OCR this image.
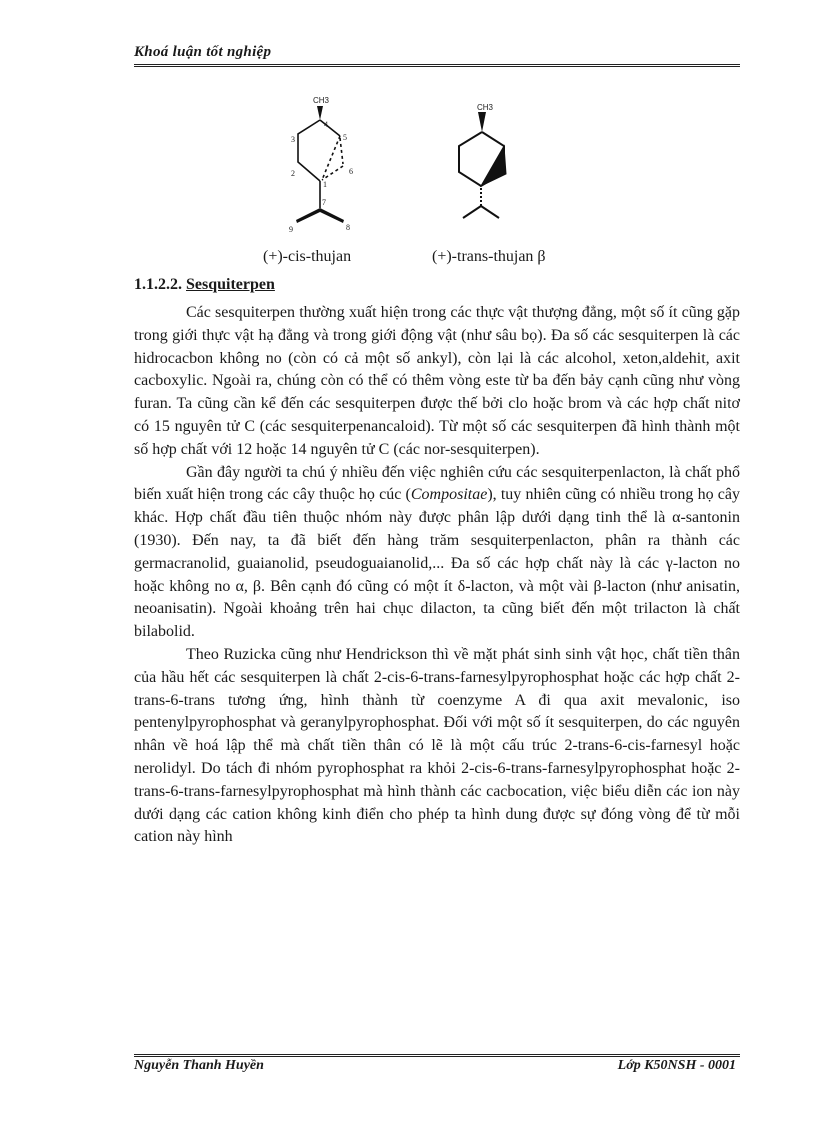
Khoá luận tốt nghiệp
CH3
4
5
3
2	6
1
7
8
9
CH3
(+)-cis-thujan	(+)-trans-thujan β
1.1.2.2. Sesquiterpen

Các sesquiterpen thường xuất hiện trong các thực vật thượng đẳng, một số ít cũng gặp trong giới thực vật hạ đẳng và trong giới động vật (như sâu bọ). Đa số các sesquiterpen là các hidrocacbon không no (còn có cả một số ankyl), còn lại là các alcohol, xeton,aldehit, axit cacboxylic. Ngoài ra, chúng còn có thể có thêm vòng este từ ba đến bảy cạnh cũng như vòng furan. Ta cũng cần kể đến các sesquiterpen được thế bởi clo hoặc brom và các hợp chất nitơ có 15 nguyên tử C (các sesquiterpenancaloid). Từ một số các sesquiterpen đã hình thành một số hợp chất với 12 hoặc 14 nguyên tử C (các nor-sesquiterpen).

Gần đây người ta chú ý nhiều đến việc nghiên cứu các sesquiterpenlacton, là chất phổ biến xuất hiện trong các cây thuộc họ cúc (Compositae), tuy nhiên cũng có nhiều trong họ cây khác. Hợp chất đầu tiên thuộc nhóm này được phân lập dưới dạng tinh thể là α-santonin (1930). Đến nay, ta đã biết đến hàng trăm sesquiterpenlacton, phân ra thành các germacranolid, guaianolid, pseudoguaianolid,... Đa số các hợp chất này là các γ-lacton no hoặc không no α, β. Bên cạnh đó cũng có một ít δ-lacton, và một vài β-lacton (như anisatin, neoanisatin). Ngoài khoảng trên hai chục dilacton, ta cũng biết đến một trilacton là chất bilabolid.

Theo Ruzicka cũng như Hendrickson thì về mặt phát sinh sinh vật học, chất tiền thân của hầu hết các sesquiterpen là chất 2-cis-6-trans-farnesylpyrophosphat hoặc các hợp chất 2-trans-6-trans tương ứng, hình thành từ coenzyme A đi qua axit mevalonic, iso pentenylpyrophosphat và geranylpyrophosphat. Đối với một số ít sesquiterpen, do các nguyên nhân về hoá lập thể mà chất tiền thân có lẽ là một cấu trúc 2-trans-6-cis-farnesyl hoặc nerolidyl. Do tách đi nhóm pyrophosphat ra khỏi 2-cis-6-trans-farnesylpyrophosphat hoặc 2-trans-6-trans-farnesylpyrophosphat mà hình thành các cacbocation, việc biểu diễn các ion này dưới dạng các cation không kinh điển cho phép ta hình dung được sự đóng vòng để từ mỗi cation này hình

Nguyễn Thanh Huyền	Lớp K50NSH - 0001
